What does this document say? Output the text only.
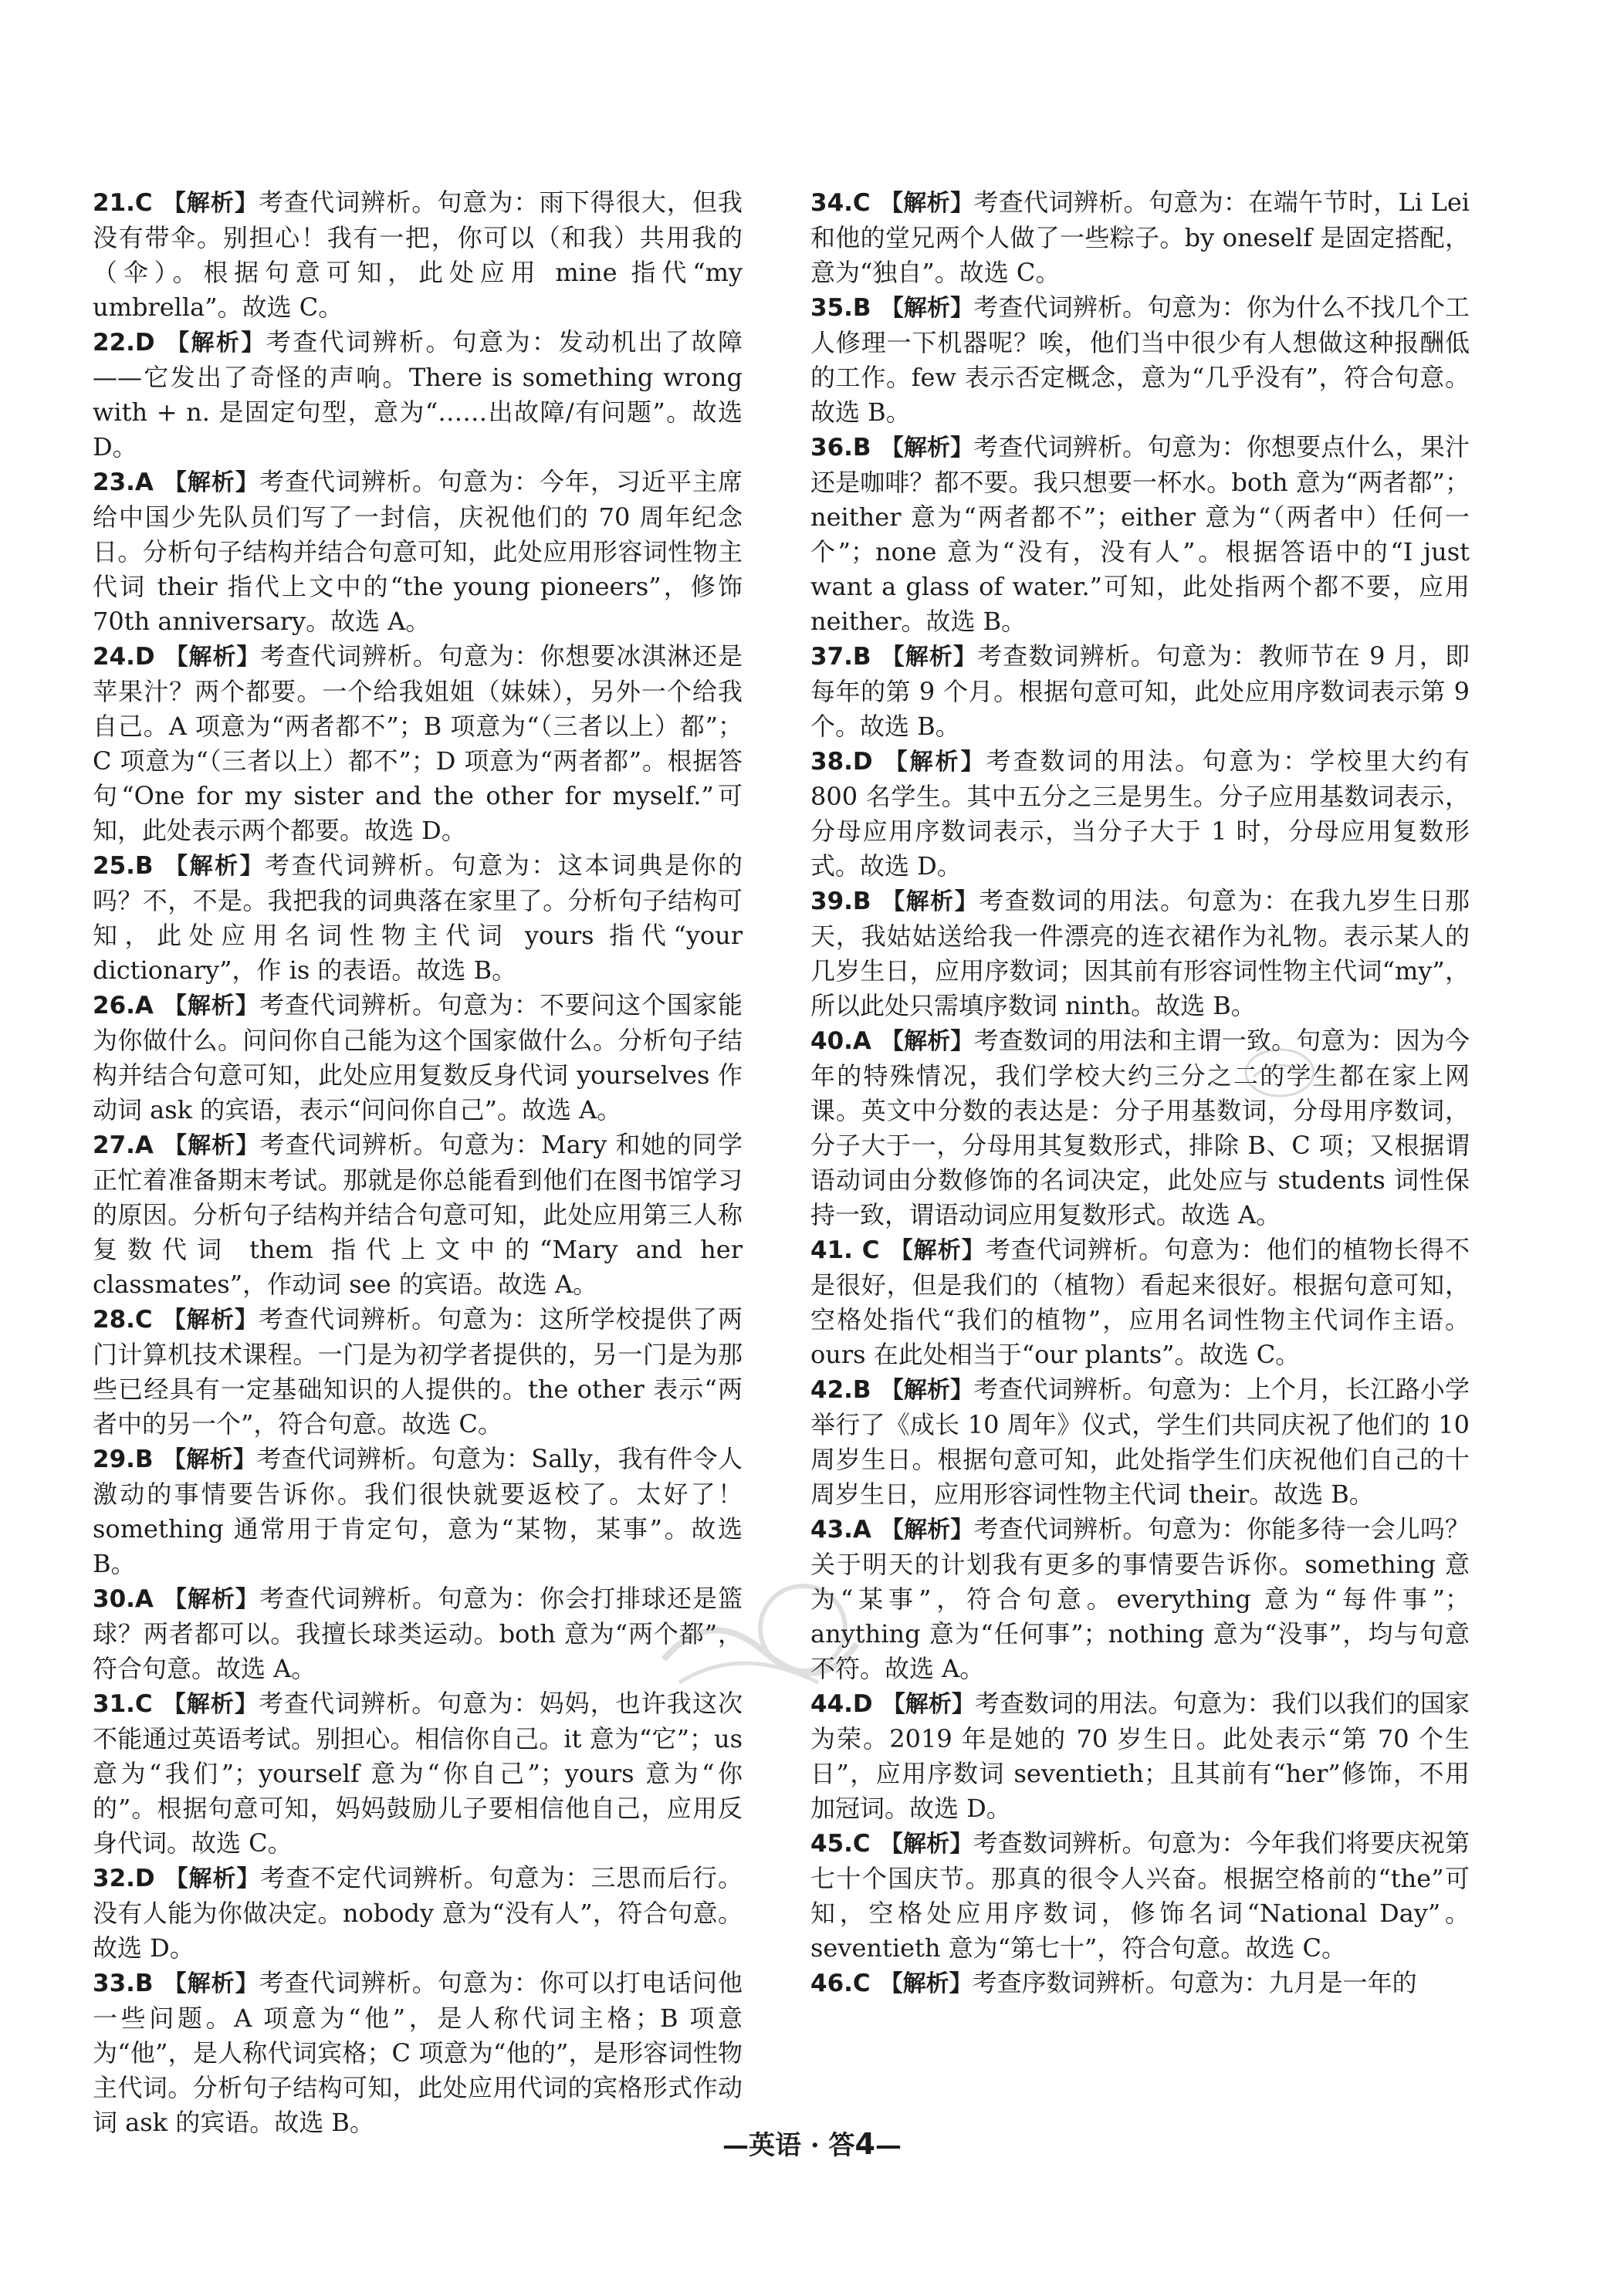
21.C 【解析】考查代词辨析。句意为：雨下得很大，但我没有带伞。别担心！我有一把，你可以（和我）共用我的（伞）。根据句意可知，此处应用 mine 指代“my umbrella”。故选 C。

22.D 【解析】考查代词辨析。句意为：发动机出了故障——它发出了奇怪的声响。There is something wrong with + n. 是固定句型，意为“……出故障/有问题”。故选 D。

23.A 【解析】考查代词辨析。句意为：今年，习近平主席给中国少先队员们写了一封信，庆祝他们的 70 周年纪念日。分析句子结构并结合句意可知，此处应用形容词性物主代词 their 指代上文中的“the young pioneers”，修饰 70th anniversary。故选 A。

24.D 【解析】考查代词辨析。句意为：你想要冰淇淋还是苹果汁？两个都要。一个给我姐姐（妹妹），另外一个给我自己。A 项意为“两者都不”；B 项意为“（三者以上）都”；C 项意为“（三者以上）都不”；D 项意为“两者都”。根据答句“One for my sister and the other for myself.”可知，此处表示两个都要。故选 D。

25.B 【解析】考查代词辨析。句意为：这本词典是你的吗？不，不是。我把我的词典落在家里了。分析句子结构可知，此处应用名词性物主代词 yours 指代“your dictionary”，作 is 的表语。故选 B。

26.A 【解析】考查代词辨析。句意为：不要问这个国家能为你做什么。问问你自己能为这个国家做什么。分析句子结构并结合句意可知，此处应用复数反身代词 yourselves 作动词 ask 的宾语，表示“问问你自己”。故选 A。

27.A 【解析】考查代词辨析。句意为：Mary 和她的同学正忙着准备期末考试。那就是你总能看到他们在图书馆学习的原因。分析句子结构并结合句意可知，此处应用第三人称复数代词 them 指代上文中的“Mary and her classmates”，作动词 see 的宾语。故选 A。

28.C 【解析】考查代词辨析。句意为：这所学校提供了两门计算机技术课程。一门是为初学者提供的，另一门是为那些已经具有一定基础知识的人提供的。the other 表示“两者中的另一个”，符合句意。故选 C。

29.B 【解析】考查代词辨析。句意为：Sally，我有件令人激动的事情要告诉你。我们很快就要返校了。太好了！something 通常用于肯定句，意为“某物，某事”。故选 B。

30.A 【解析】考查代词辨析。句意为：你会打排球还是篮球？两者都可以。我擅长球类运动。both 意为“两个都”，符合句意。故选 A。

31.C 【解析】考查代词辨析。句意为：妈妈，也许我这次不能通过英语考试。别担心。相信你自己。it 意为“它”；us 意为“我们”；yourself 意为“你自己”；yours 意为“你的”。根据句意可知，妈妈鼓励儿子要相信他自己，应用反身代词。故选 C。

32.D 【解析】考查不定代词辨析。句意为：三思而后行。没有人能为你做决定。nobody 意为“没有人”，符合句意。故选 D。

33.B 【解析】考查代词辨析。句意为：你可以打电话问他一些问题。A 项意为“他”，是人称代词主格；B 项意为“他”，是人称代词宾格；C 项意为“他的”，是形容词性物主代词。分析句子结构可知，此处应用代词的宾格形式作动词 ask 的宾语。故选 B。

34.C 【解析】考查代词辨析。句意为：在端午节时，Li Lei和他的堂兄两个人做了一些粽子。by oneself 是固定搭配，意为“独自”。故选 C。

35.B 【解析】考查代词辨析。句意为：你为什么不找几个工人修理一下机器呢？唉，他们当中很少有人想做这种报酬低的工作。few 表示否定概念，意为“几乎没有”，符合句意。故选 B。

36.B 【解析】考查代词辨析。句意为：你想要点什么，果汁还是咖啡？都不要。我只想要一杯水。both 意为“两者都”；neither 意为“两者都不”；either 意为“（两者中）任何一个”；none 意为“没有，没有人”。根据答语中的“I just want a glass of water.”可知，此处指两个都不要，应用 neither。故选 B。

37.B 【解析】考查数词辨析。句意为：教师节在 9 月，即每年的第 9 个月。根据句意可知，此处应用序数词表示第 9 个。故选 B。

38.D 【解析】考查数词的用法。句意为：学校里大约有 800 名学生。其中五分之三是男生。分子应用基数词表示，分母应用序数词表示，当分子大于 1 时，分母应用复数形式。故选 D。

39.B 【解析】考查数词的用法。句意为：在我九岁生日那天，我姑姑送给我一件漂亮的连衣裙作为礼物。表示某人的几岁生日，应用序数词；因其前有形容词性物主代词“my”，所以此处只需填序数词 ninth。故选 B。

40.A 【解析】考查数词的用法和主谓一致。句意为：因为今年的特殊情况，我们学校大约三分之二的学生都在家上网课。英文中分数的表达是：分子用基数词，分母用序数词，分子大于一，分母用其复数形式，排除 B、C 项；又根据谓语动词由分数修饰的名词决定，此处应与 students 词性保持一致，谓语动词应用复数形式。故选 A。

41. C 【解析】考查代词辨析。句意为：他们的植物长得不是很好，但是我们的（植物）看起来很好。根据句意可知，空格处指代“我们的植物”，应用名词性物主代词作主语。ours 在此处相当于“our plants”。故选 C。

42.B 【解析】考查代词辨析。句意为：上个月，长江路小学举行了《成长 10 周年》仪式，学生们共同庆祝了他们的 10 周岁生日。根据句意可知，此处指学生们庆祝他们自己的十周岁生日，应用形容词性物主代词 their。故选 B。

43.A 【解析】考查代词辨析。句意为：你能多待一会儿吗？关于明天的计划我有更多的事情要告诉你。something 意为“某事”，符合句意。everything 意为“每件事”；anything 意为“任何事”；nothing 意为“没事”，均与句意不符。故选 A。

44.D 【解析】考查数词的用法。句意为：我们以我们的国家为荣。2019 年是她的 70 岁生日。此处表示“第 70 个生日”，应用序数词 seventieth；且其前有“her”修饰，不用加冠词。故选 D。

45.C 【解析】考查数词辨析。句意为：今年我们将要庆祝第七十个国庆节。那真的很令人兴奋。根据空格前的“the”可知，空格处应用序数词，修饰名词“National Day”。seventieth 意为“第七十”，符合句意。故选 C。

46.C 【解析】考查序数词辨析。句意为：九月是一年的

—英语 · 答4—
